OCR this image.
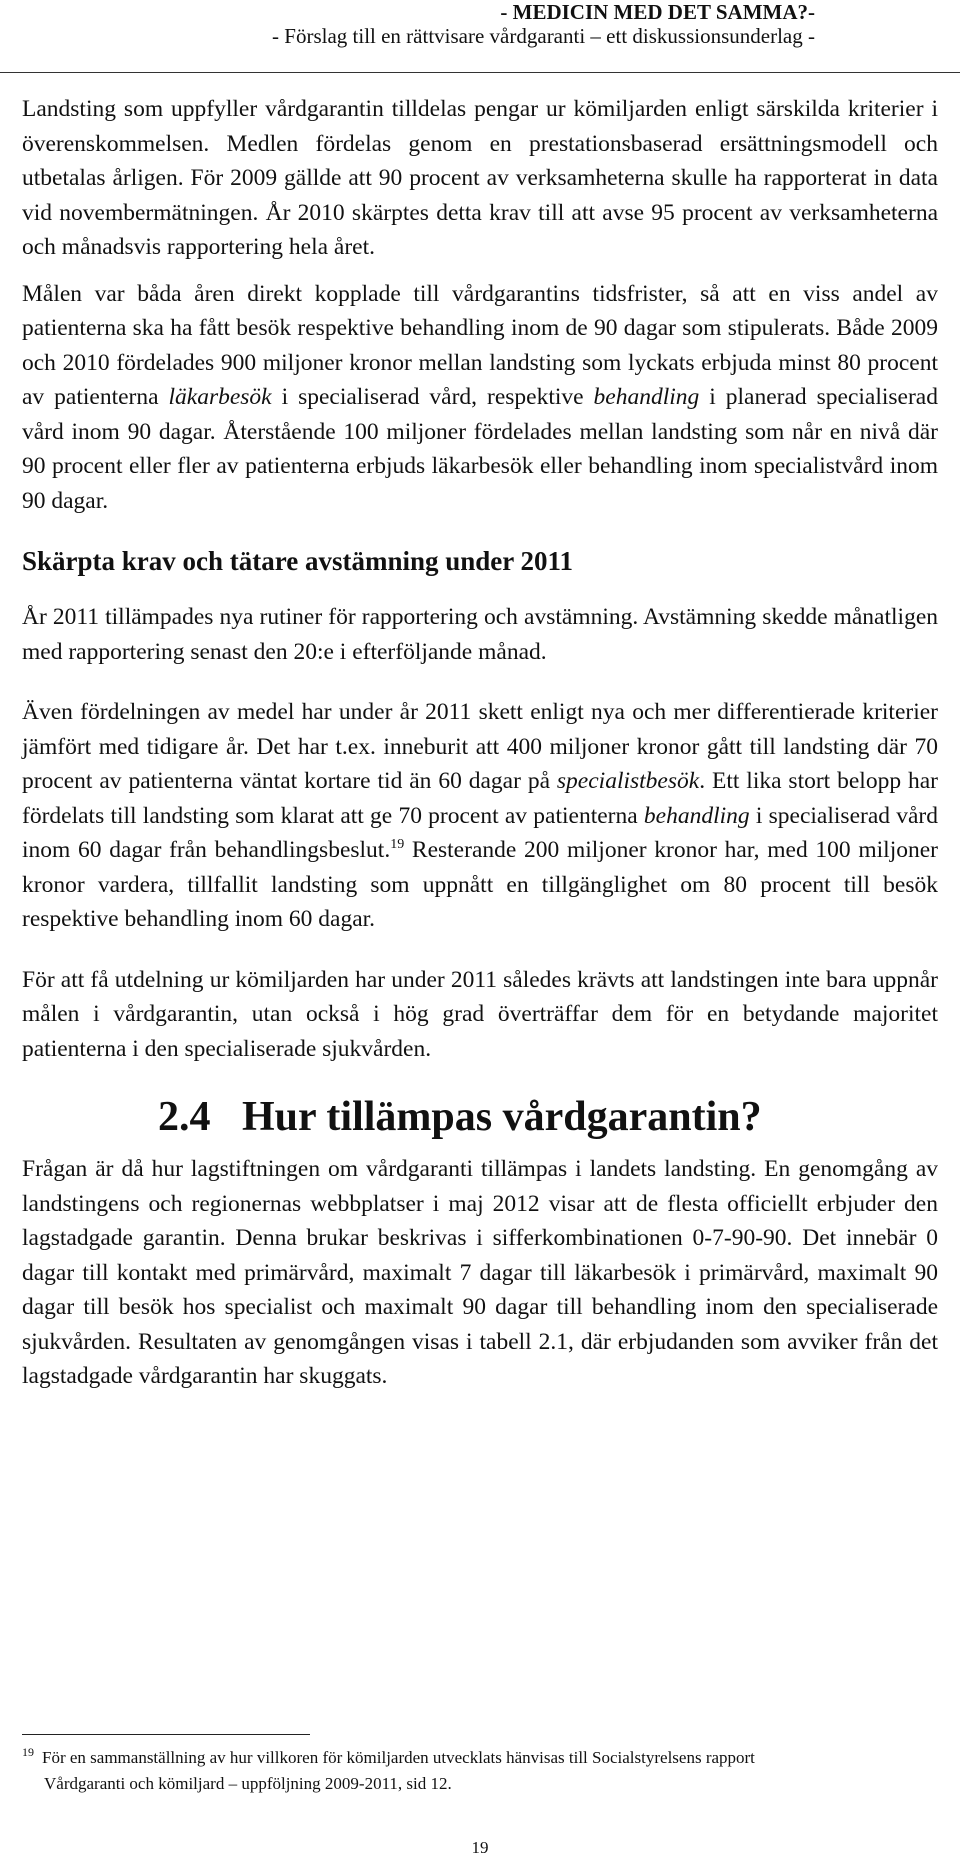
- MEDICIN MED DET SAMMA?-
- Förslag till en rättvisare vårdgaranti – ett diskussionsunderlag -

Landsting som uppfyller vårdgarantin tilldelas pengar ur kömiljarden enligt särskilda kriterier i överenskommelsen. Medlen fördelas genom en prestationsbaserad ersättningsmodell och utbetalas årligen. För 2009 gällde att 90 procent av verksamheterna skulle ha rapporterat in data vid novembermätningen. År 2010 skärptes detta krav till att avse 95 procent av verksamheterna och månadsvis rapportering hela året.

Målen var båda åren direkt kopplade till vårdgarantins tidsfrister, så att en viss andel av patienterna ska ha fått besök respektive behandling inom de 90 dagar som stipulerats. Både 2009 och 2010 fördelades 900 miljoner kronor mellan landsting som lyckats erbjuda minst 80 procent av patienterna läkarbesök i specialiserad vård, respektive behandling i planerad specialiserad vård inom 90 dagar. Återstående 100 miljoner fördelades mellan landsting som når en nivå där 90 procent eller fler av patienterna erbjuds läkarbesök eller behandling inom specialistvård inom 90 dagar.

Skärpta krav och tätare avstämning under 2011

År 2011 tillämpades nya rutiner för rapportering och avstämning. Avstämning skedde månatligen med rapportering senast den 20:e i efterföljande månad.

Även fördelningen av medel har under år 2011 skett enligt nya och mer differentierade kriterier jämfört med tidigare år. Det har t.ex. inneburit att 400 miljoner kronor gått till landsting där 70 procent av patienterna väntat kortare tid än 60 dagar på specialistbesök. Ett lika stort belopp har fördelats till landsting som klarat att ge 70 procent av patienterna behandling i specialiserad vård inom 60 dagar från behandlingsbeslut.$^{19}$ Resterande 200 miljoner kronor har, med 100 miljoner kronor vardera, tillfallit landsting som uppnått en tillgänglighet om 80 procent till besök respektive behandling inom 60 dagar.

För att få utdelning ur kömiljarden har under 2011 således krävts att landstingen inte bara uppnår målen i vårdgarantin, utan också i hög grad överträffar dem för en betydande majoritet patienterna i den specialiserade sjukvården.

2.4 Hur tillämpas vårdgarantin?

Frågan är då hur lagstiftningen om vårdgaranti tillämpas i landets landsting. En genomgång av landstingens och regionernas webbplatser i maj 2012 visar att de flesta officiellt erbjuder den lagstadgade garantin. Denna brukar beskrivas i sifferkombinationen 0-7-90-90. Det innebär 0 dagar till kontakt med primärvård, maximalt 7 dagar till läkarbesök i primärvård, maximalt 90 dagar till besök hos specialist och maximalt 90 dagar till behandling inom den specialiserade sjukvården. Resultaten av genomgången visas i tabell 2.1, där erbjudanden som avviker från det lagstadgade vårdgarantin har skuggats.

$^{19}$ För en sammanställning av hur villkoren för kömiljarden utvecklats hänvisas till Socialstyrelsens rapport
Vårdgaranti och kömiljard – uppföljning 2009-2011, sid 12.
19
